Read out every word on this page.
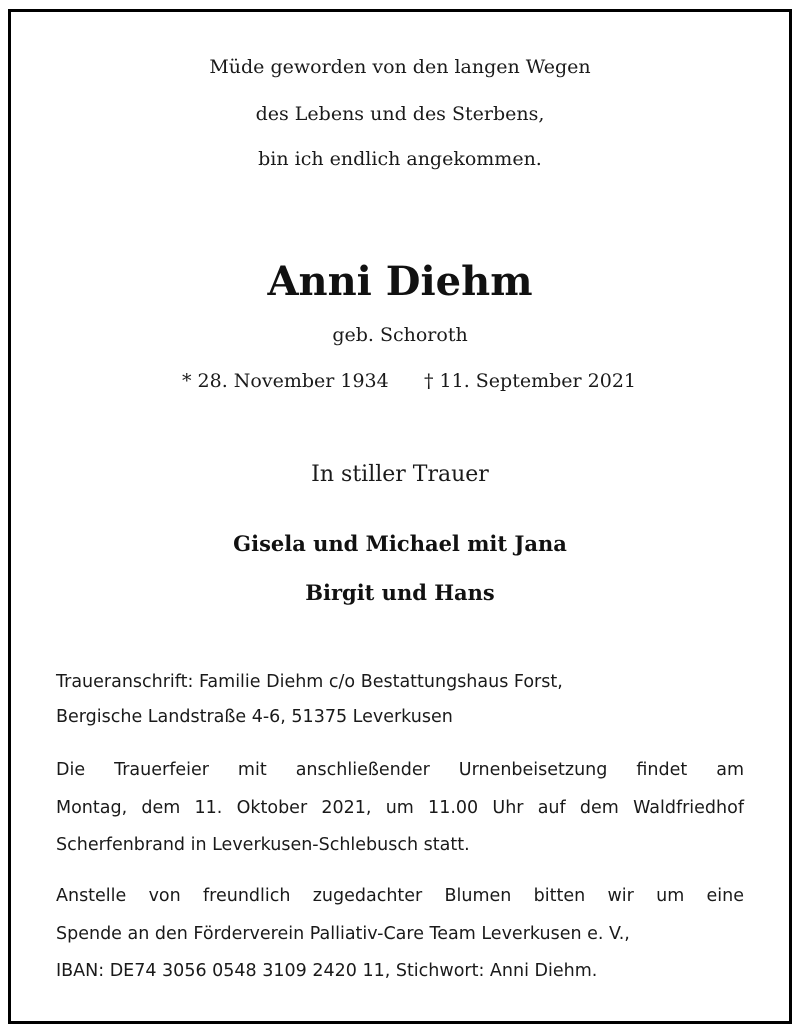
Müde geworden von den langen Wegen
des Lebens und des Sterbens,
bin ich endlich angekommen.
Anni Diehm
geb. Schoroth
* 28. November 1934 † 11. September 2021
In stiller Trauer
Gisela und Michael mit Jana
Birgit und Hans
Traueranschrift: Familie Diehm c/o Bestattungshaus Forst,
Bergische Landstraße 4-6, 51375 Leverkusen
Die Trauerfeier mit anschließender Urnenbeisetzung findet am
Montag, dem 11. Oktober 2021, um 11.00 Uhr auf dem Waldfriedhof
Scherfenbrand in Leverkusen-Schlebusch statt.
Anstelle von freundlich zugedachter Blumen bitten wir um eine
Spende an den Förderverein Palliativ-Care Team Leverkusen e. V.,
IBAN: DE74 3056 0548 3109 2420 11, Stichwort: Anni Diehm.
